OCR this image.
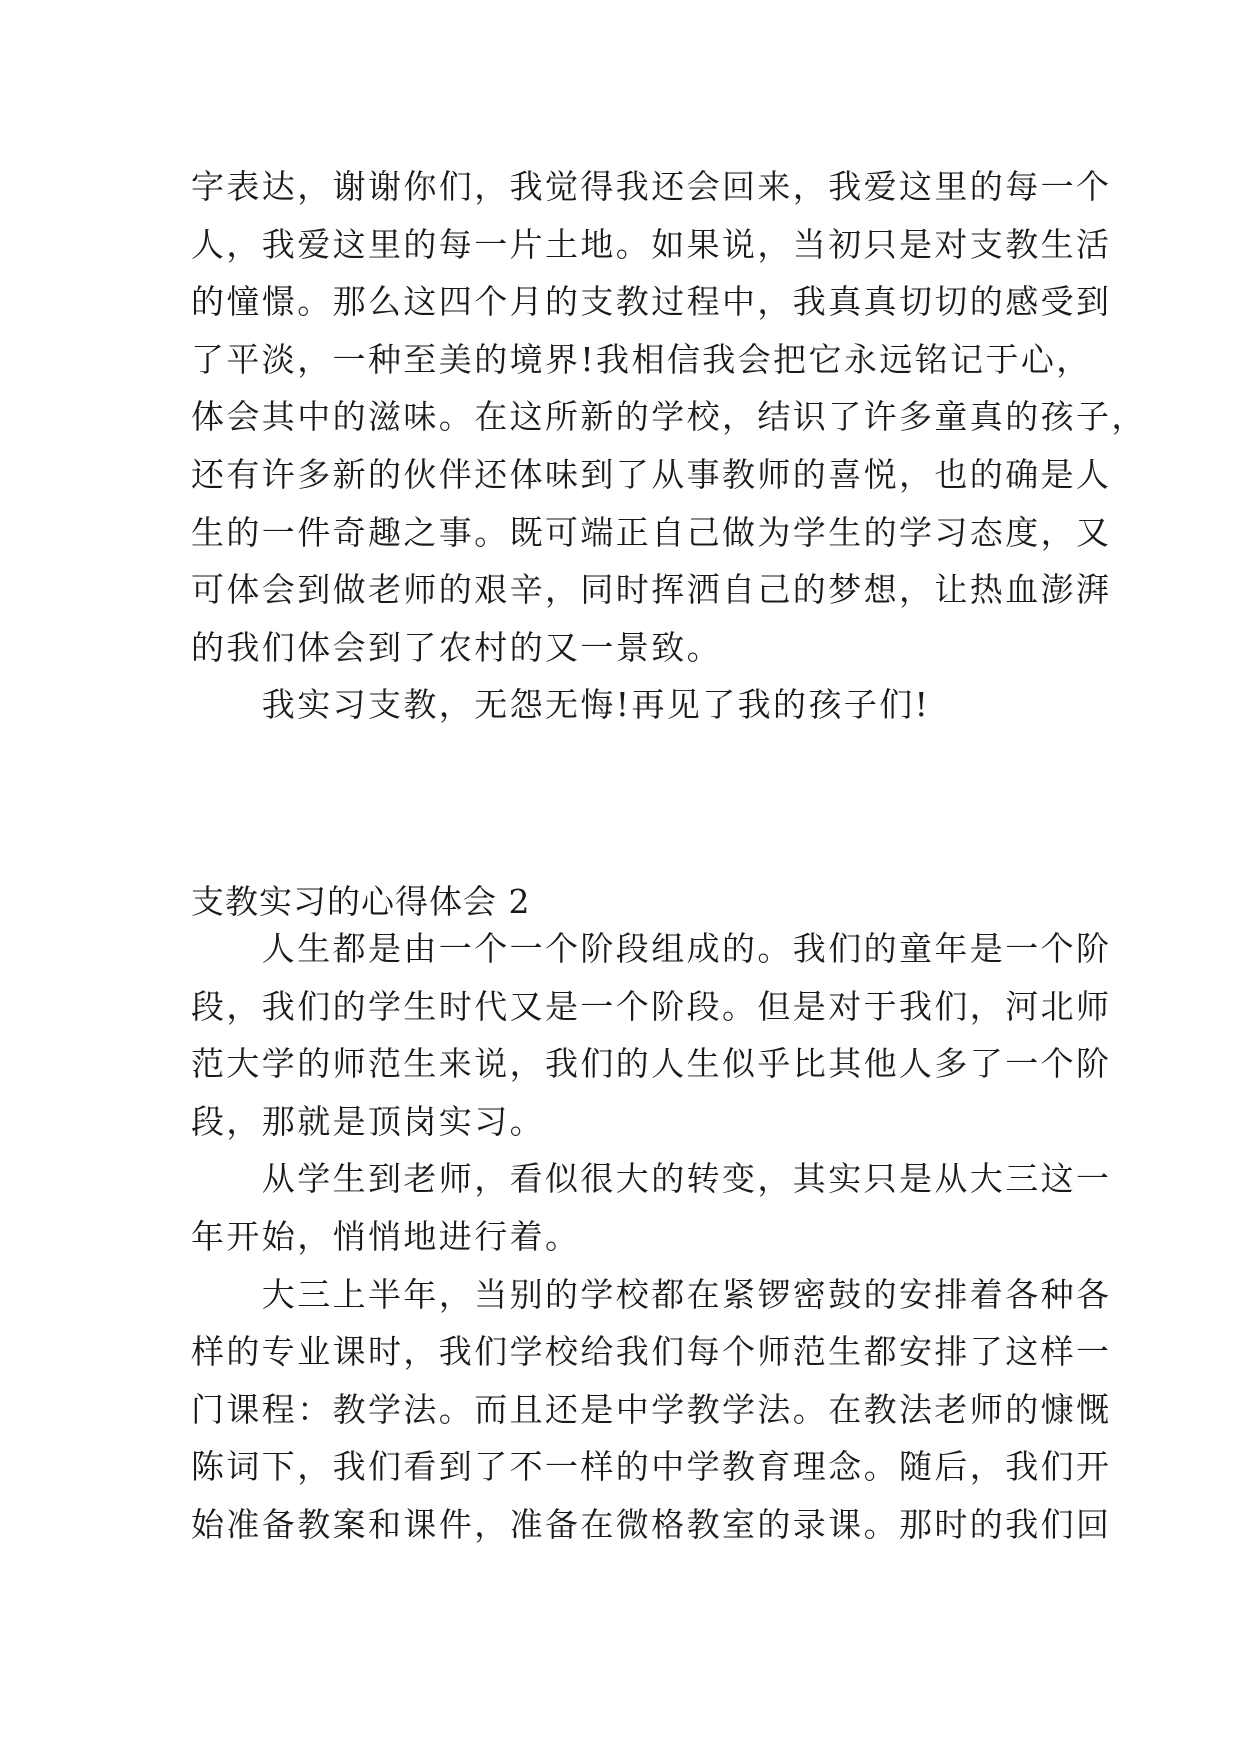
字表达，谢谢你们，我觉得我还会回来，我爱这里的每一个
人，我爱这里的每一片土地。如果说，当初只是对支教生活
的憧憬。那么这四个月的支教过程中，我真真切切的感受到
了平淡，一种至美的境界!我相信我会把它永远铭记于心，
体会其中的滋味。在这所新的学校，结识了许多童真的孩子，
还有许多新的伙伴还体味到了从事教师的喜悦，也的确是人
生的一件奇趣之事。既可端正自己做为学生的学习态度，又
可体会到做老师的艰辛，同时挥洒自己的梦想，让热血澎湃
的我们体会到了农村的又一景致。
　　我实习支教，无怨无悔!再见了我的孩子们!
支教实习的心得体会 2
　　人生都是由一个一个阶段组成的。我们的童年是一个阶
段，我们的学生时代又是一个阶段。但是对于我们，河北师
范大学的师范生来说，我们的人生似乎比其他人多了一个阶
段，那就是顶岗实习。
　　从学生到老师，看似很大的转变，其实只是从大三这一
年开始，悄悄地进行着。
　　大三上半年，当别的学校都在紧锣密鼓的安排着各种各
样的专业课时，我们学校给我们每个师范生都安排了这样一
门课程：教学法。而且还是中学教学法。在教法老师的慷慨
陈词下，我们看到了不一样的中学教育理念。随后，我们开
始准备教案和课件，准备在微格教室的录课。那时的我们回
